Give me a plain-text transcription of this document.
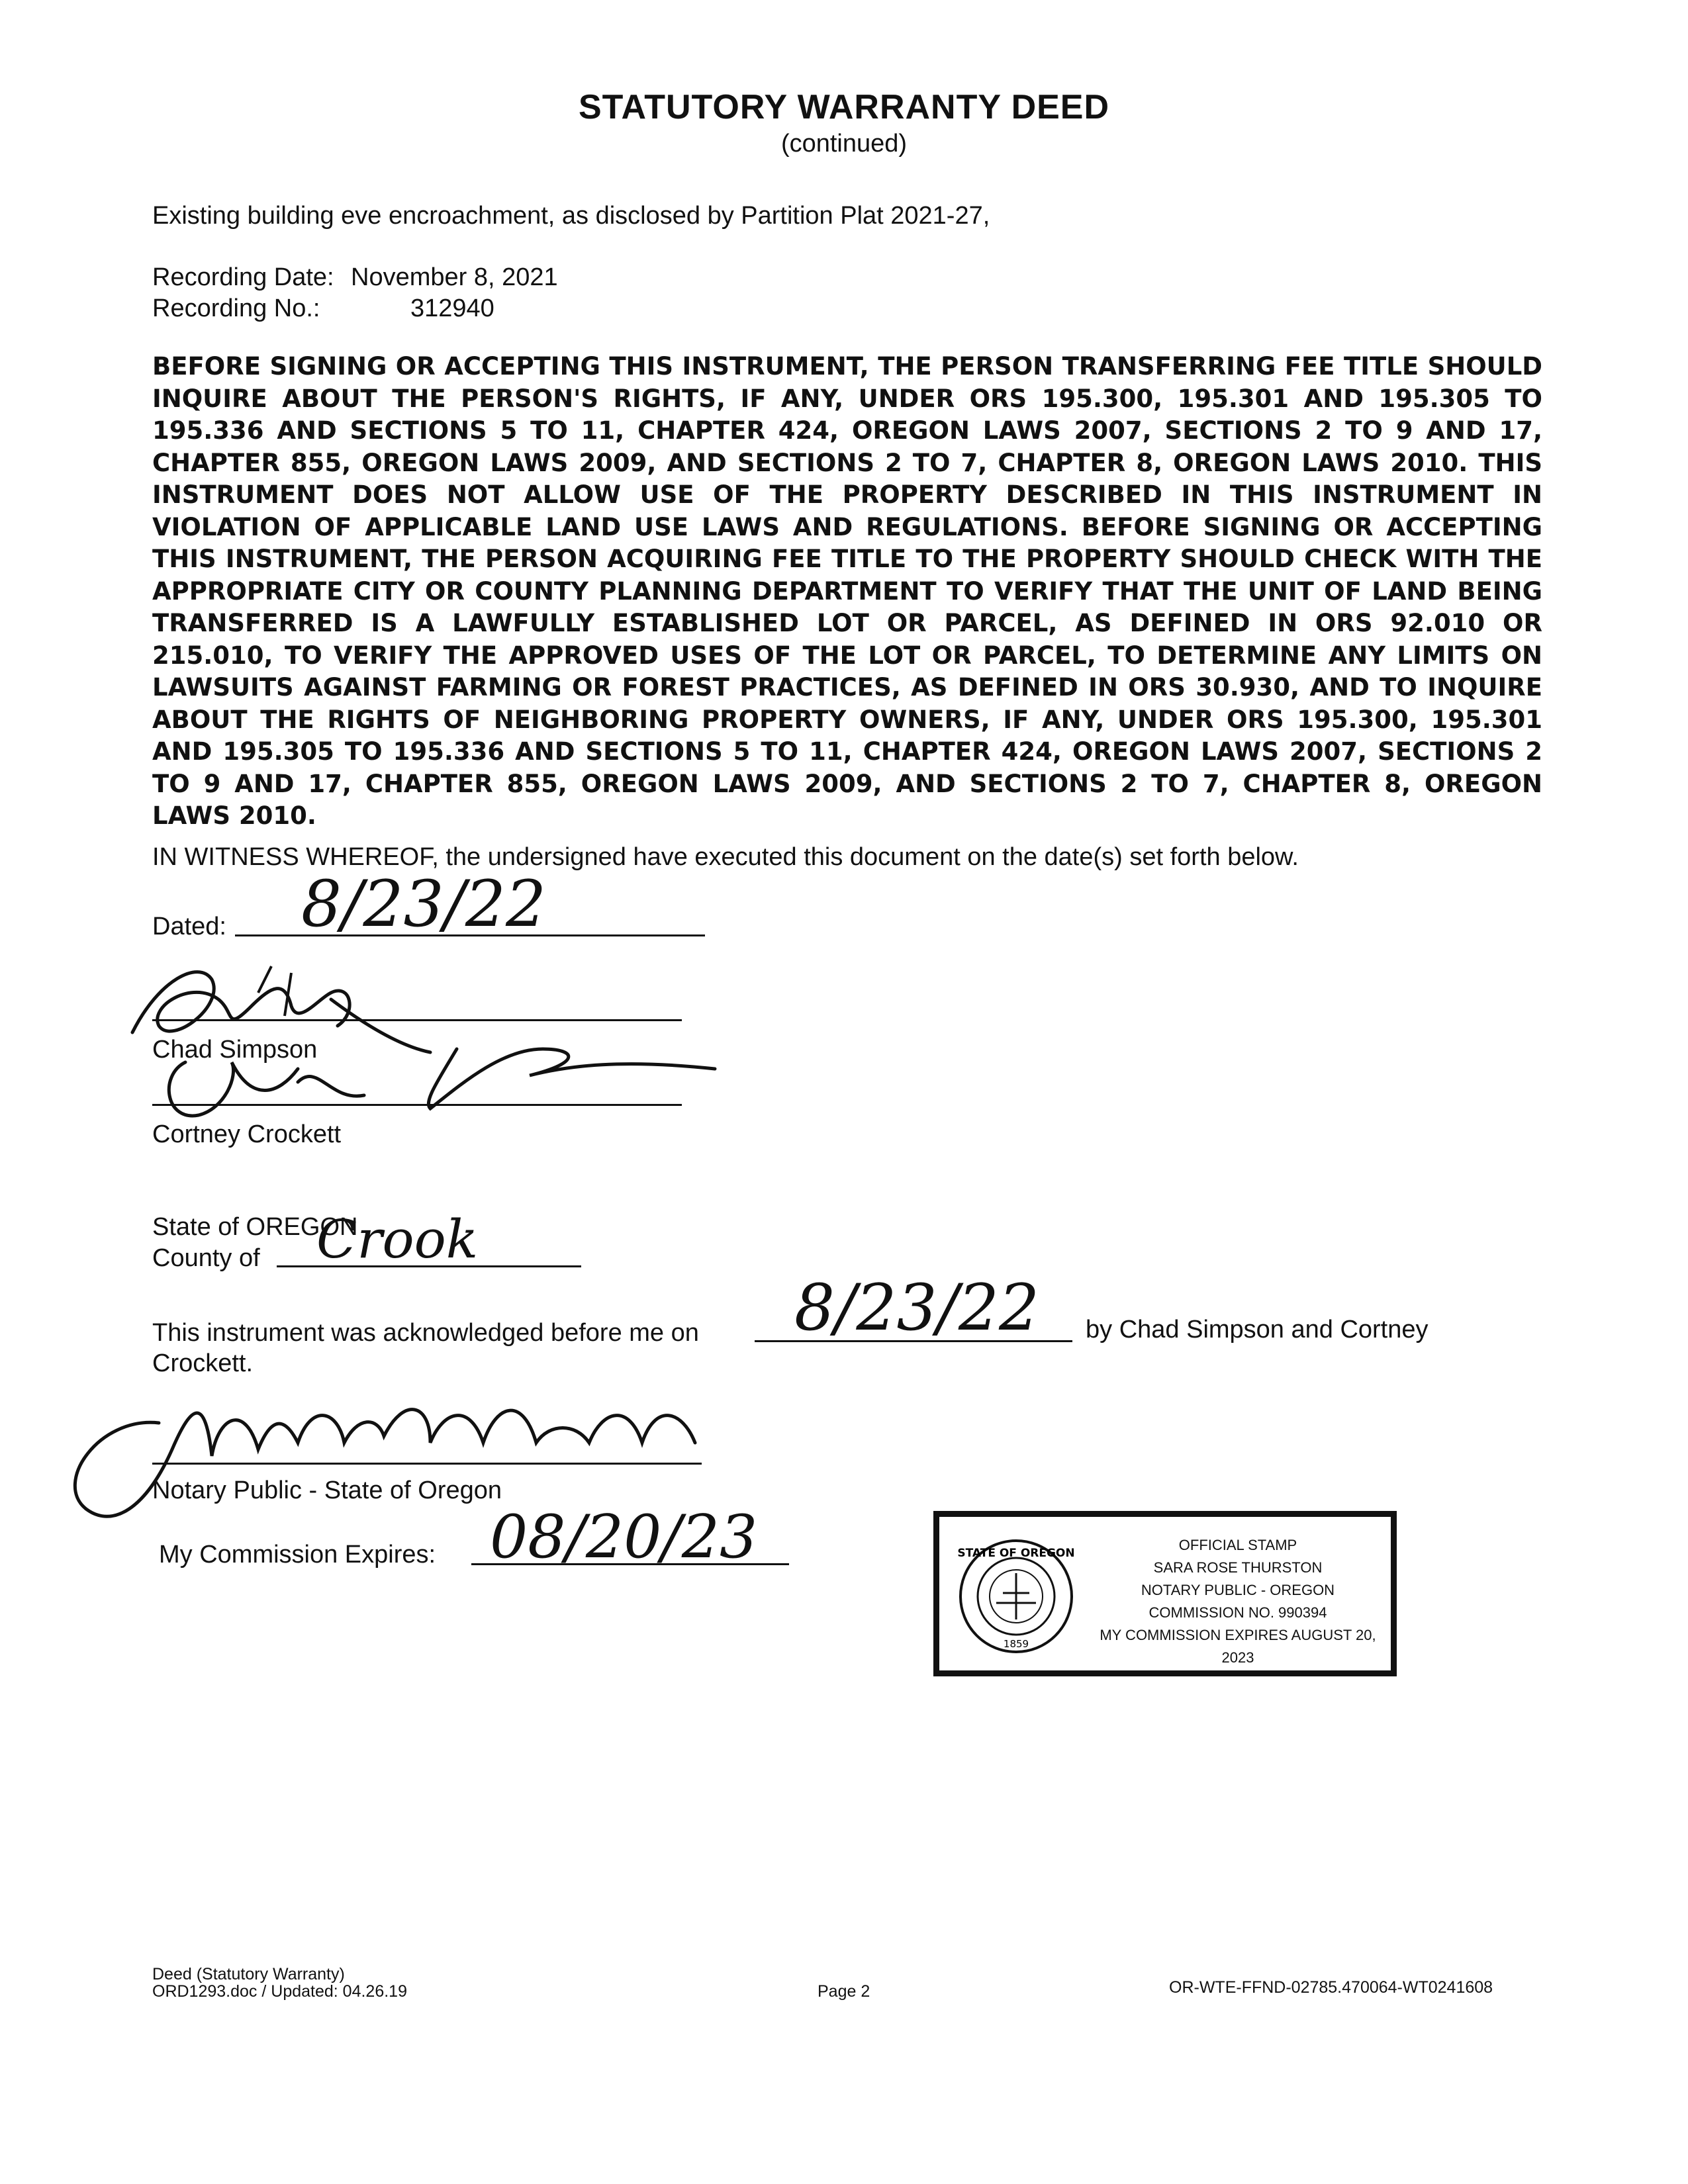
STATUTORY WARRANTY DEED
(continued)
Existing building eve encroachment, as disclosed by Partition Plat 2021-27,
Recording Date: November 8, 2021
Recording No.:	312940
BEFORE SIGNING OR ACCEPTING THIS INSTRUMENT, THE PERSON TRANSFERRING FEE TITLE SHOULD INQUIRE ABOUT THE PERSON'S RIGHTS, IF ANY, UNDER ORS 195.300, 195.301 AND 195.305 TO 195.336 AND SECTIONS 5 TO 11, CHAPTER 424, OREGON LAWS 2007, SECTIONS 2 TO 9 AND 17, CHAPTER 855, OREGON LAWS 2009, AND SECTIONS 2 TO 7, CHAPTER 8, OREGON LAWS 2010. THIS INSTRUMENT DOES NOT ALLOW USE OF THE PROPERTY DESCRIBED IN THIS INSTRUMENT IN VIOLATION OF APPLICABLE LAND USE LAWS AND REGULATIONS. BEFORE SIGNING OR ACCEPTING THIS INSTRUMENT, THE PERSON ACQUIRING FEE TITLE TO THE PROPERTY SHOULD CHECK WITH THE APPROPRIATE CITY OR COUNTY PLANNING DEPARTMENT TO VERIFY THAT THE UNIT OF LAND BEING TRANSFERRED IS A LAWFULLY ESTABLISHED LOT OR PARCEL, AS DEFINED IN ORS 92.010 OR 215.010, TO VERIFY THE APPROVED USES OF THE LOT OR PARCEL, TO DETERMINE ANY LIMITS ON LAWSUITS AGAINST FARMING OR FOREST PRACTICES, AS DEFINED IN ORS 30.930, AND TO INQUIRE ABOUT THE RIGHTS OF NEIGHBORING PROPERTY OWNERS, IF ANY, UNDER ORS 195.300, 195.301 AND 195.305 TO 195.336 AND SECTIONS 5 TO 11, CHAPTER 424, OREGON LAWS 2007, SECTIONS 2 TO 9 AND 17, CHAPTER 855, OREGON LAWS 2009, AND SECTIONS 2 TO 7, CHAPTER 8, OREGON LAWS 2010.
IN WITNESS WHEREOF, the undersigned have executed this document on the date(s) set forth below.
Dated: 8/23/22
Chad Simpson
Cortney Crockett
State of OREGON
County of Crook
This instrument was acknowledged before me on 8/23/22 by Chad Simpson and Cortney
Crockett.
Notary Public - State of Oregon
My Commission Expires: 08/20/23	STATE OF OREGON
1859
OFFICIAL STAMP
SARA ROSE THURSTON
NOTARY PUBLIC - OREGON
COMMISSION NO. 990394
MY COMMISSION EXPIRES AUGUST 20, 2023
Deed (Statutory Warranty)
ORD1293.doc / Updated: 04.26.19	Page 2	OR-WTE-FFND-02785.470064-WT0241608
